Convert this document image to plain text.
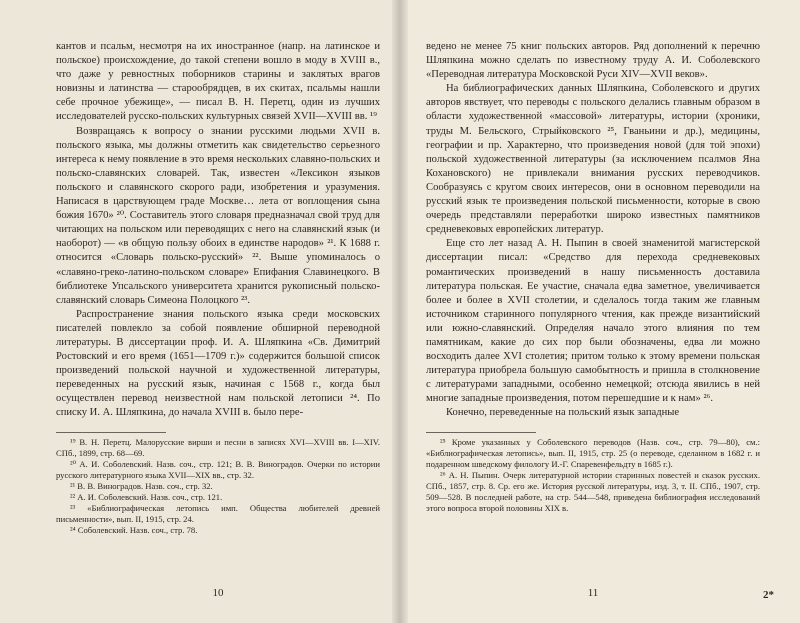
кантов и псальм, несмотря на их иностранное (напр. на латинское и польское) происхождение, до такой степени вошло в моду в XVIII в., что даже у ревностных поборников старины и заклятых врагов новизны и латинства — старообрядцев, в их скитах, псальмы нашли себе прочное убежище», — писал В. Н. Перетц, один из лучших исследователей русско-польских культурных связей XVII—XVIII вв. ¹⁹

Возвращаясь к вопросу о знании русскими людьми XVII в. польского языка, мы должны отметить как свидетельство серьезного интереса к нему появление в это время нескольких славяно-польских и польско-славянских словарей. Так, известен «Лексикон языков польского и славянского скорого ради, изобретения и уразумения. Написася в царствующем граде Москве… лета от воплощения сына божия 1670» ²⁰. Составитель этого словаря предназначал свой труд для читающих на польском или переводящих с него на славянский язык (и наоборот) — «в общую пользу обоих в единстве народов» ²¹. К 1688 г. относится «Словарь польско-русский» ²². Выше упоминалось о «славяно-греко-латино-польском словаре» Епифания Славинецкого. В библиотеке Упсальского университета хранится рукописный польско-славянский словарь Симеона Полоцкого ²³.

Распространение знания польского языка среди московских писателей повлекло за собой появление обширной переводной литературы. В диссертации проф. И. А. Шляпкина «Св. Димитрий Ростовский и его время (1651—1709 г.)» содержится большой список произведений польской научной и художественной литературы, переведенных на русский язык, начиная с 1568 г., когда был осуществлен перевод неизвестной нам польской летописи ²⁴. По списку И. А. Шляпкина, до начала XVIII в. было пере-

¹⁹ В. Н. Перетц. Малорусские вирши и песни в записях XVI—XVIII вв. I—XIV. СПб., 1899, стр. 68—69.

²⁰ А. И. Соболевский. Назв. соч., стр. 121; В. В. Виноградов. Очерки по истории русского литературного языка XVII—XIX вв., стр. 32.

²¹ В. В. Виноградов. Назв. соч., стр. 32.

²² А. И. Соболевский. Назв. соч., стр. 121.

²³ «Библиографическая летопись имп. Общества любителей древней письменности», вып. II, 1915, стр. 24.

²⁴ Соболевский. Назв. соч., стр. 78.

10

ведено не менее 75 книг польских авторов. Ряд дополнений к перечню Шляпкина можно сделать по известному труду А. И. Соболевского «Переводная литература Московской Руси XIV—XVII веков».

На библиографических данных Шляпкина, Соболевского и других авторов явствует, что переводы с польского делались главным образом в области художественной «массовой» литературы, истории (хроники, труды М. Бельского, Стрыйковского ²⁵, Гваньини и др.), медицины, географии и пр. Характерно, что произведения новой (для той эпохи) польской художественной литературы (за исключением псалмов Яна Кохановского) не привлекали внимания русских переводчиков. Сообразуясь с кругом своих интересов, они в основном переводили на русский язык те произведения польской письменности, которые в свою очередь представляли переработки широко известных памятников средневековых европейских литератур.

Еще сто лет назад А. Н. Пыпин в своей знаменитой магистерской диссертации писал: «Средство для перехода средневековых романтических произведений в нашу письменность доставила литература польская. Ее участие, сначала едва заметное, увеличивается более и более в XVII столетии, и сделалось тогда таким же главным источником старинного популярного чтения, как прежде византийский или южно-славянский. Определяя начало этого влияния по тем памятникам, какие до сих пор были обозначены, едва ли можно восходить далее XVI столетия; притом только к этому времени польская литература приобрела большую самобытность и пришла в столкновение с литературами западными, особенно немецкой; отсюда явились в ней многие западные произведения, потом перешедшие и к нам» ²⁶.

Конечно, переведенные на польский язык западные

²⁵ Кроме указанных у Соболевского переводов (Назв. соч., стр. 79—80), см.: «Библиографическая летопись», вып. II, 1915, стр. 25 (о переводе, сделанном в 1682 г. и подаренном шведскому филологу И.-Г. Спаревенфельдту в 1685 г.).

²⁶ А. Н. Пыпин. Очерк литературной истории старинных повестей и сказок русских. СПб., 1857, стр. 8. Ср. его же. История русской литературы, изд. 3, т. II. СПб., 1907, стр. 509—528. В последней работе, на стр. 544—548, приведена библиография исследований этого вопроса второй половины XIX в.

11	2*
